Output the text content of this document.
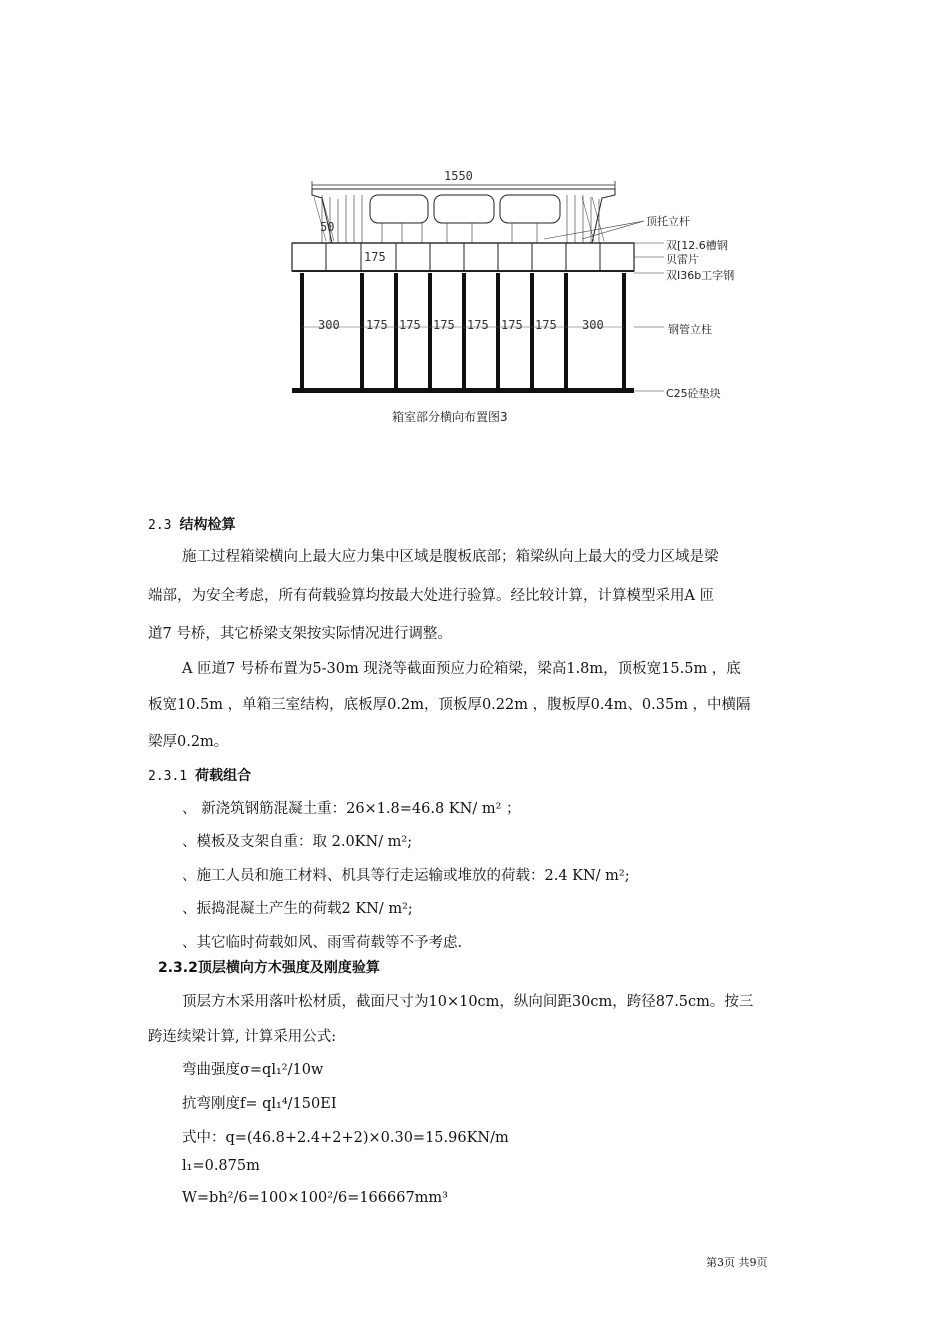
1550
50
175
300 175 175 175 175 175 175 300
顶托立杆
双[12.6槽钢
贝雷片
双I36b工字钢
钢管立柱
C25砼垫块
箱室部分横向布置图3
2.3 结构检算
施工过程箱梁横向上最大应力集中区域是腹板底部；箱梁纵向上最大的受力区域是梁
端部，为安全考虑，所有荷载验算均按最大处进行验算。经比较计算，计算模型采用A 匝
道7 号桥，其它桥梁支架按实际情况进行调整。
A 匝道7 号桥布置为5-30m 现浇等截面预应力砼箱梁，梁高1.8m，顶板宽15.5m ，底
板宽10.5m ，单箱三室结构，底板厚0.2m，顶板厚0.22m ，腹板厚0.4m、0.35m ，中横隔
梁厚0.2m。
2.3.1 荷载组合
、 新浇筑钢筋混凝土重：26×1.8=46.8 KN/ m² ；
、模板及支架自重：取 2.0KN/ m²;
、施工人员和施工材料、机具等行走运输或堆放的荷载：2.4 KN/ m²;
、振捣混凝土产生的荷载2 KN/ m²;
、其它临时荷载如风、雨雪荷载等不予考虑.
2.3.2顶层横向方木强度及刚度验算
顶层方木采用落叶松材质，截面尺寸为10×10cm，纵向间距30cm，跨径87.5cm。按三
跨连续梁计算, 计算采用公式:
弯曲强度σ=ql₁²/10w
抗弯刚度f= ql₁⁴/150EI
式中：q=(46.8+2.4+2+2)×0.30=15.96KN/m
l₁=0.875m
W=bh²/6=100×100²/6=166667mm³
第3页 共9页
